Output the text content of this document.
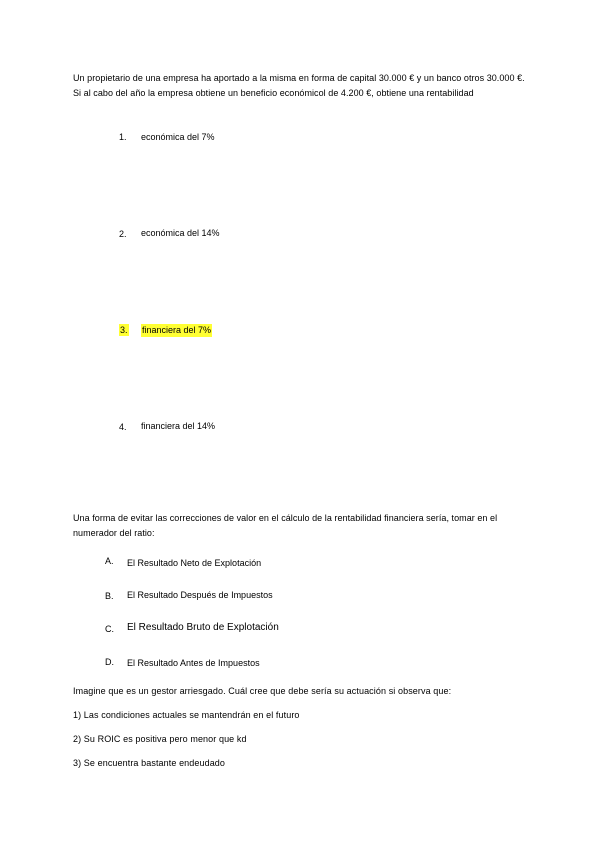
Un propietario de una empresa ha aportado a la misma en forma de capital 30.000 € y un banco otros 30.000 €. Si al cabo del año la empresa obtiene un beneficio económicol de 4.200 €, obtiene una rentabilidad
1. económica del 7%
2. económica del 14%
3. financiera del 7%
4. financiera del 14%
Una forma de evitar las correcciones de valor en el cálculo de la rentabilidad financiera sería, tomar en el numerador del ratio:
A. El Resultado Neto de Explotación
B. El Resultado Después de Impuestos
C. El Resultado Bruto de Explotación
D. El Resultado Antes de Impuestos
Imagine que es un gestor arriesgado. Cuál cree que debe sería su actuación si observa que:
1) Las condiciones actuales se mantendrán en el futuro
2) Su ROIC es positiva pero menor que kd
3) Se encuentra bastante endeudado
